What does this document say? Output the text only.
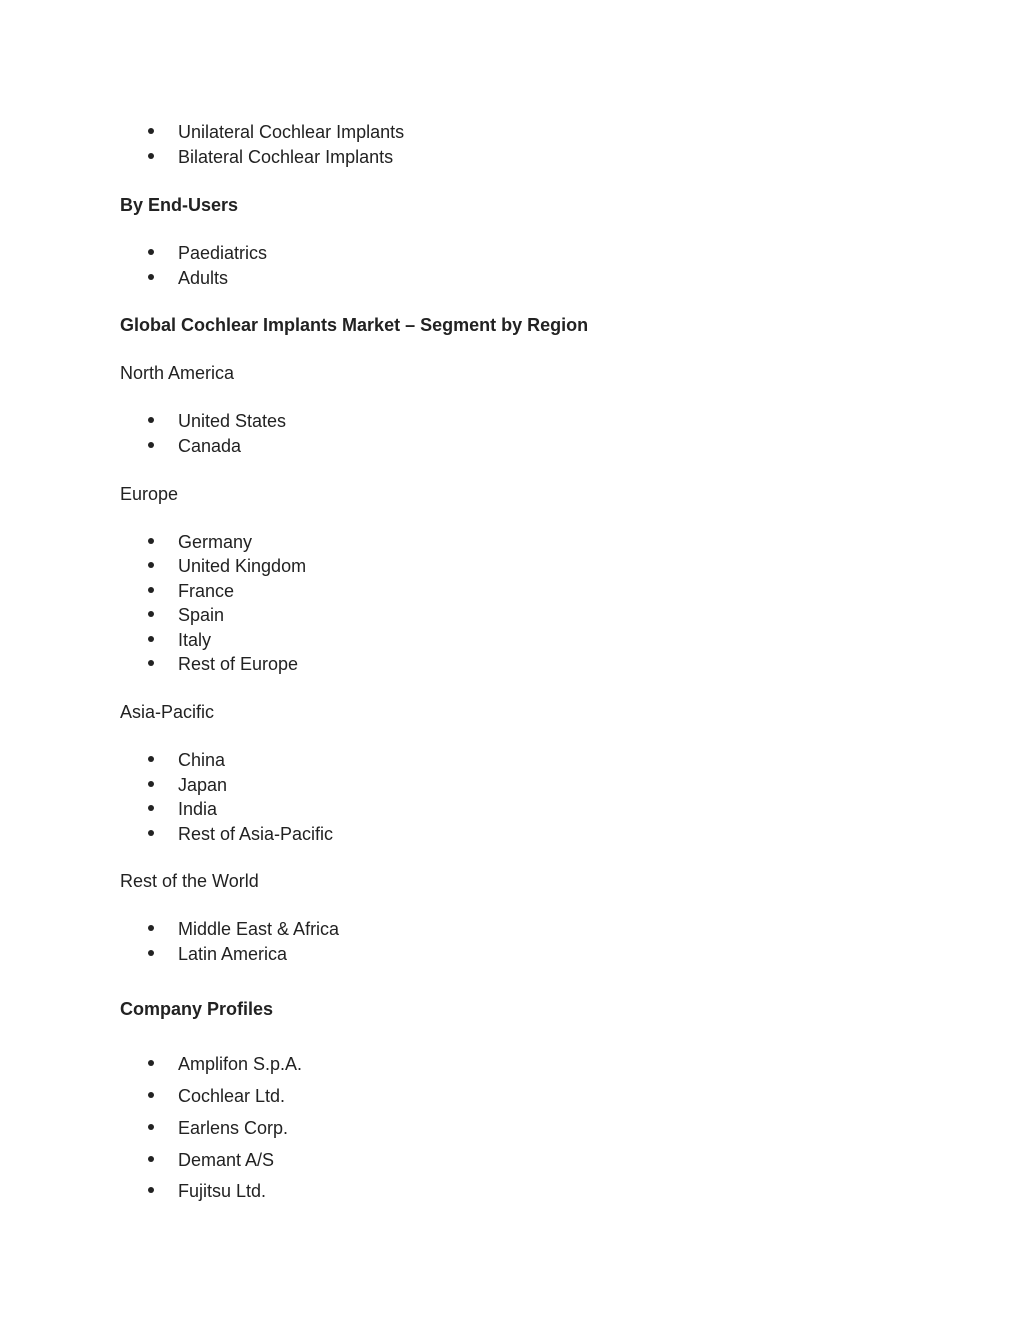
Unilateral Cochlear Implants
Bilateral Cochlear Implants
By End-Users
Paediatrics
Adults
Global Cochlear Implants Market – Segment by Region
North America
United States
Canada
Europe
Germany
United Kingdom
France
Spain
Italy
Rest of Europe
Asia-Pacific
China
Japan
India
Rest of Asia-Pacific
Rest of the World
Middle East & Africa
Latin America
Company Profiles
Amplifon S.p.A.
Cochlear Ltd.
Earlens Corp.
Demant A/S
Fujitsu Ltd.
